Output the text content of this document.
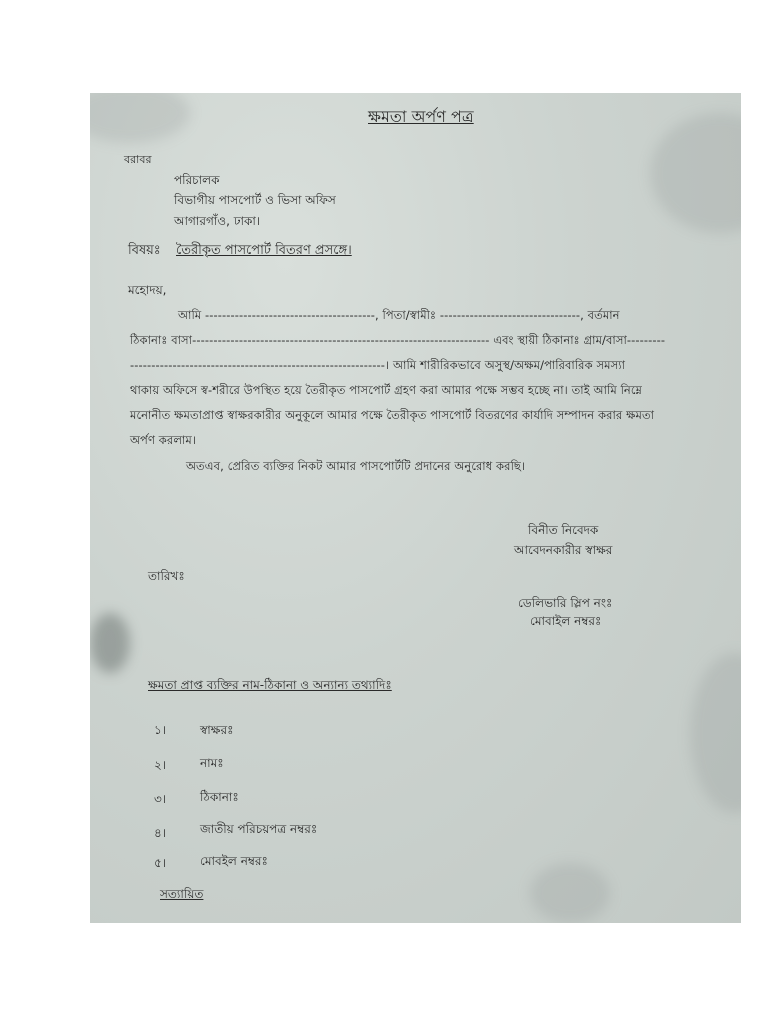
ক্ষমতা অর্পণ পত্র
বরাবর
পরিচালক
বিভাগীয় পাসপোর্ট ও ভিসা অফিস
আগারগাঁও, ঢাকা।
বিষয়ঃ তৈরীকৃত পাসপোর্ট বিতরণ প্রসঙ্গে।
মহোদয়,
আমি ----------------------------------------, পিতা/স্বামীঃ ---------------------------------, বর্তমান
ঠিকানাঃ বাসা---------------------------------------------------------------------- এবং স্থায়ী ঠিকানাঃ গ্রাম/বাসা---------
------------------------------------------------------------। আমি শারীরিকভাবে অসুস্থ/অক্ষম/পারিবারিক সমস্যা
থাকায় অফিসে স্ব-শরীরে উপস্থিত হয়ে তৈরীকৃত পাসপোর্ট গ্রহণ করা আমার পক্ষে সম্ভব হচ্ছে না। তাই আমি নিম্নে
মনোনীত ক্ষমতাপ্রাপ্ত স্বাক্ষরকারীর অনুকূলে আমার পক্ষে তৈরীকৃত পাসপোর্ট বিতরণের কার্যাদি সম্পাদন করার ক্ষমতা
অর্পণ করলাম।
অতএব, প্রেরিত ব্যক্তির নিকট আমার পাসপোর্টটি প্রদানের অনুরোধ করছি।
বিনীত নিবেদক
আবেদনকারীর স্বাক্ষর
তারিখঃ
ডেলিভারি স্লিপ নংঃ
মোবাইল নম্বরঃ
ক্ষমতা প্রাপ্ত ব্যক্তির নাম-ঠিকানা ও অন্যান্য তথ্যাদিঃ
১।	স্বাক্ষরঃ
২।	নামঃ
৩।	ঠিকানাঃ
৪।	জাতীয় পরিচয়পত্র নম্বরঃ
৫।	মোবইল নম্বরঃ
সত্যায়িত
